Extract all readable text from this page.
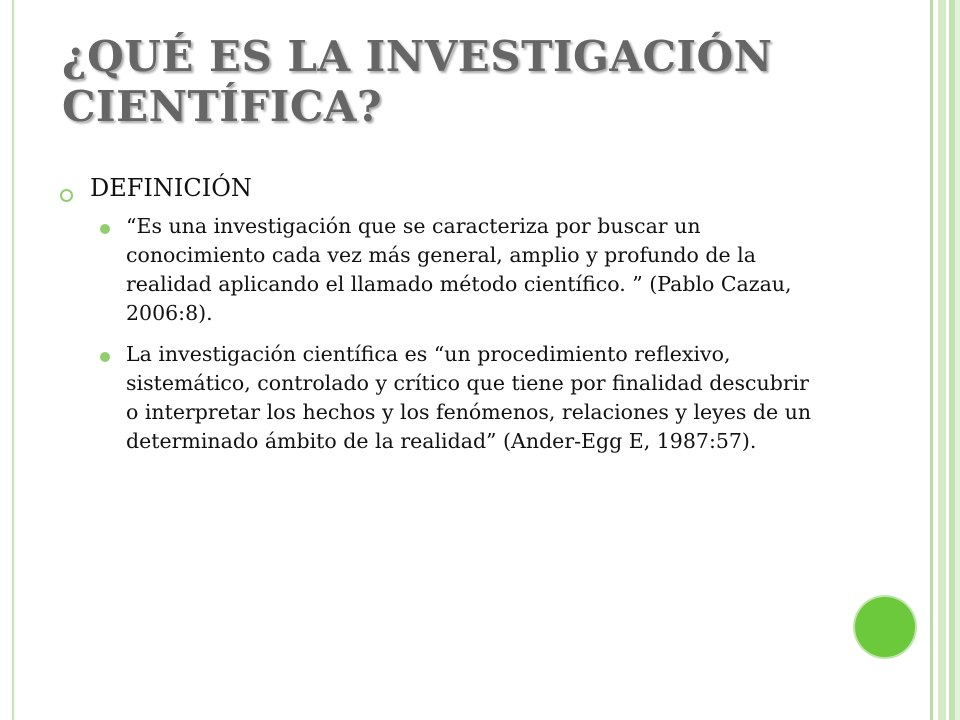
¿QUÉ ES LA INVESTIGACIÓN
CIENTÍFICA?
DEFINICIÓN
“Es una investigación que se caracteriza por buscar un conocimiento cada vez más general, amplio y profundo de la realidad aplicando el llamado método científico. ” (Pablo Cazau, 2006:8).
La investigación científica es “un procedimiento reflexivo, sistemático, controlado y crítico que tiene por finalidad descubrir o interpretar los hechos y los fenómenos, relaciones y leyes de un determinado ámbito de la realidad” (Ander-Egg E, 1987:57).
